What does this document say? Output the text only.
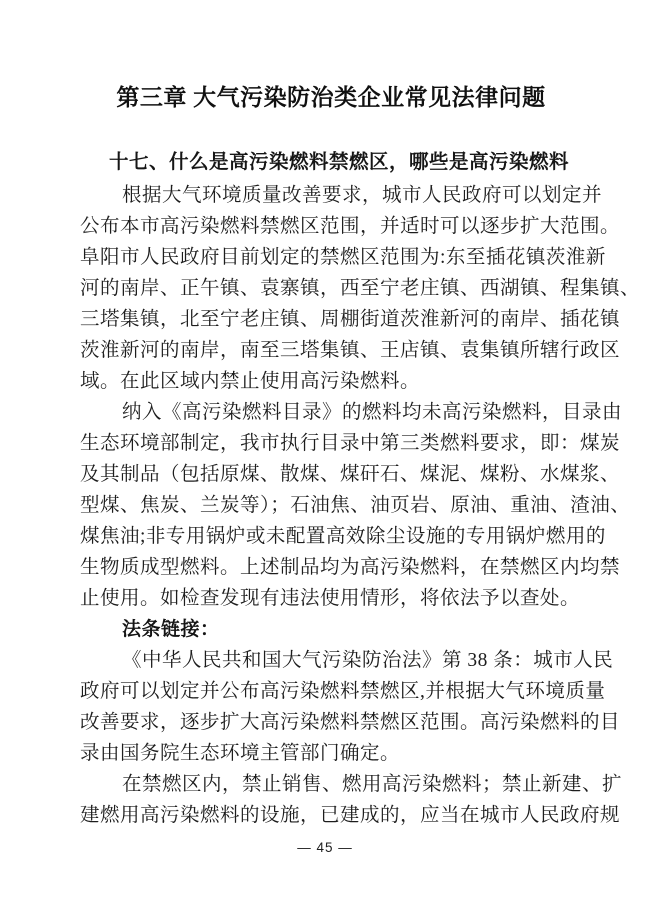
第三章 大气污染防治类企业常见法律问题
十七、什么是高污染燃料禁燃区，哪些是高污染燃料
根据大气环境质量改善要求，城市人民政府可以划定并
公布本市高污染燃料禁燃区范围，并适时可以逐步扩大范围。
阜阳市人民政府目前划定的禁燃区范围为:东至插花镇茨淮新
河的南岸、正午镇、袁寨镇，西至宁老庄镇、西湖镇、程集镇、
三塔集镇，北至宁老庄镇、周棚街道茨淮新河的南岸、插花镇
茨淮新河的南岸，南至三塔集镇、王店镇、袁集镇所辖行政区
域。在此区域内禁止使用高污染燃料。
纳入《高污染燃料目录》的燃料均未高污染燃料，目录由
生态环境部制定，我市执行目录中第三类燃料要求，即：煤炭
及其制品（包括原煤、散煤、煤矸石、煤泥、煤粉、水煤浆、
型煤、焦炭、兰炭等）；石油焦、油页岩、原油、重油、渣油、
煤焦油;非专用锅炉或未配置高效除尘设施的专用锅炉燃用的
生物质成型燃料。上述制品均为高污染燃料，在禁燃区内均禁
止使用。如检查发现有违法使用情形，将依法予以查处。
法条链接：
《中华人民共和国大气污染防治法》第 38 条：城市人民
政府可以划定并公布高污染燃料禁燃区,并根据大气环境质量
改善要求，逐步扩大高污染燃料禁燃区范围。高污染燃料的目
录由国务院生态环境主管部门确定。
在禁燃区内，禁止销售、燃用高污染燃料；禁止新建、扩
建燃用高污染燃料的设施，已建成的，应当在城市人民政府规
— 45 —
